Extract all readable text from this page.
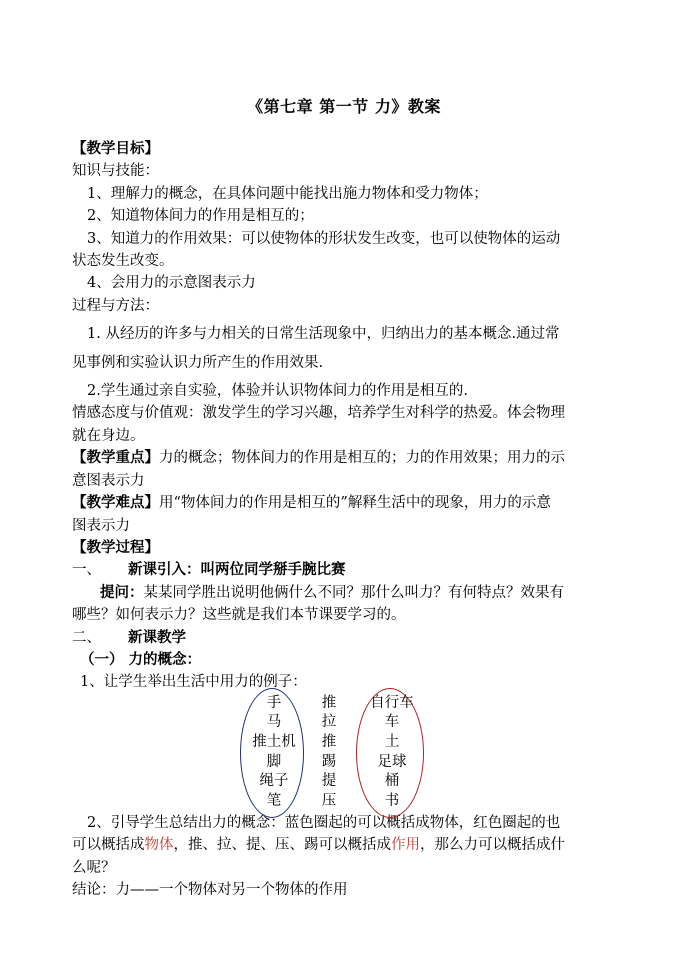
《第七章 第一节 力》教案
【教学目标】
知识与技能：
1、理解力的概念，在具体问题中能找出施力物体和受力物体；
2、知道物体间力的作用是相互的；
3、知道力的作用效果：可以使物体的形状发生改变，也可以使物体的运动
状态发生改变。
4、会用力的示意图表示力
过程与方法：
1. 从经历的许多与力相关的日常生活现象中，归纳出力的基本概念.通过常
见事例和实验认识力所产生的作用效果.
2.学生通过亲自实验，体验并认识物体间力的作用是相互的.
情感态度与价值观：激发学生的学习兴趣，培养学生对科学的热爱。体会物理
就在身边。
【教学重点】力的概念；物体间力的作用是相互的；力的作用效果；用力的示
意图表示力
【教学难点】用“物体间力的作用是相互的”解释生活中的现象，用力的示意
图表示力
【教学过程】
一、 新课引入：叫两位同学掰手腕比赛
提问：某某同学胜出说明他俩什么不同？那什么叫力？有何特点？效果有
哪些？如何表示力？这些就是我们本节课要学习的。
二、 新课教学
（一） 力的概念：
1、让学生举出生活中用力的例子：
手
马
推土机
脚
绳子
笔
推
拉
推
踢
提
压
自行车
车
土
足球
桶
书
2、引导学生总结出力的概念：蓝色圈起的可以概括成物体，红色圈起的也
可以概括成物体，推、拉、提、压、踢可以概括成作用，那么力可以概括成什
么呢？
结论：力——一个物体对另一个物体的作用
